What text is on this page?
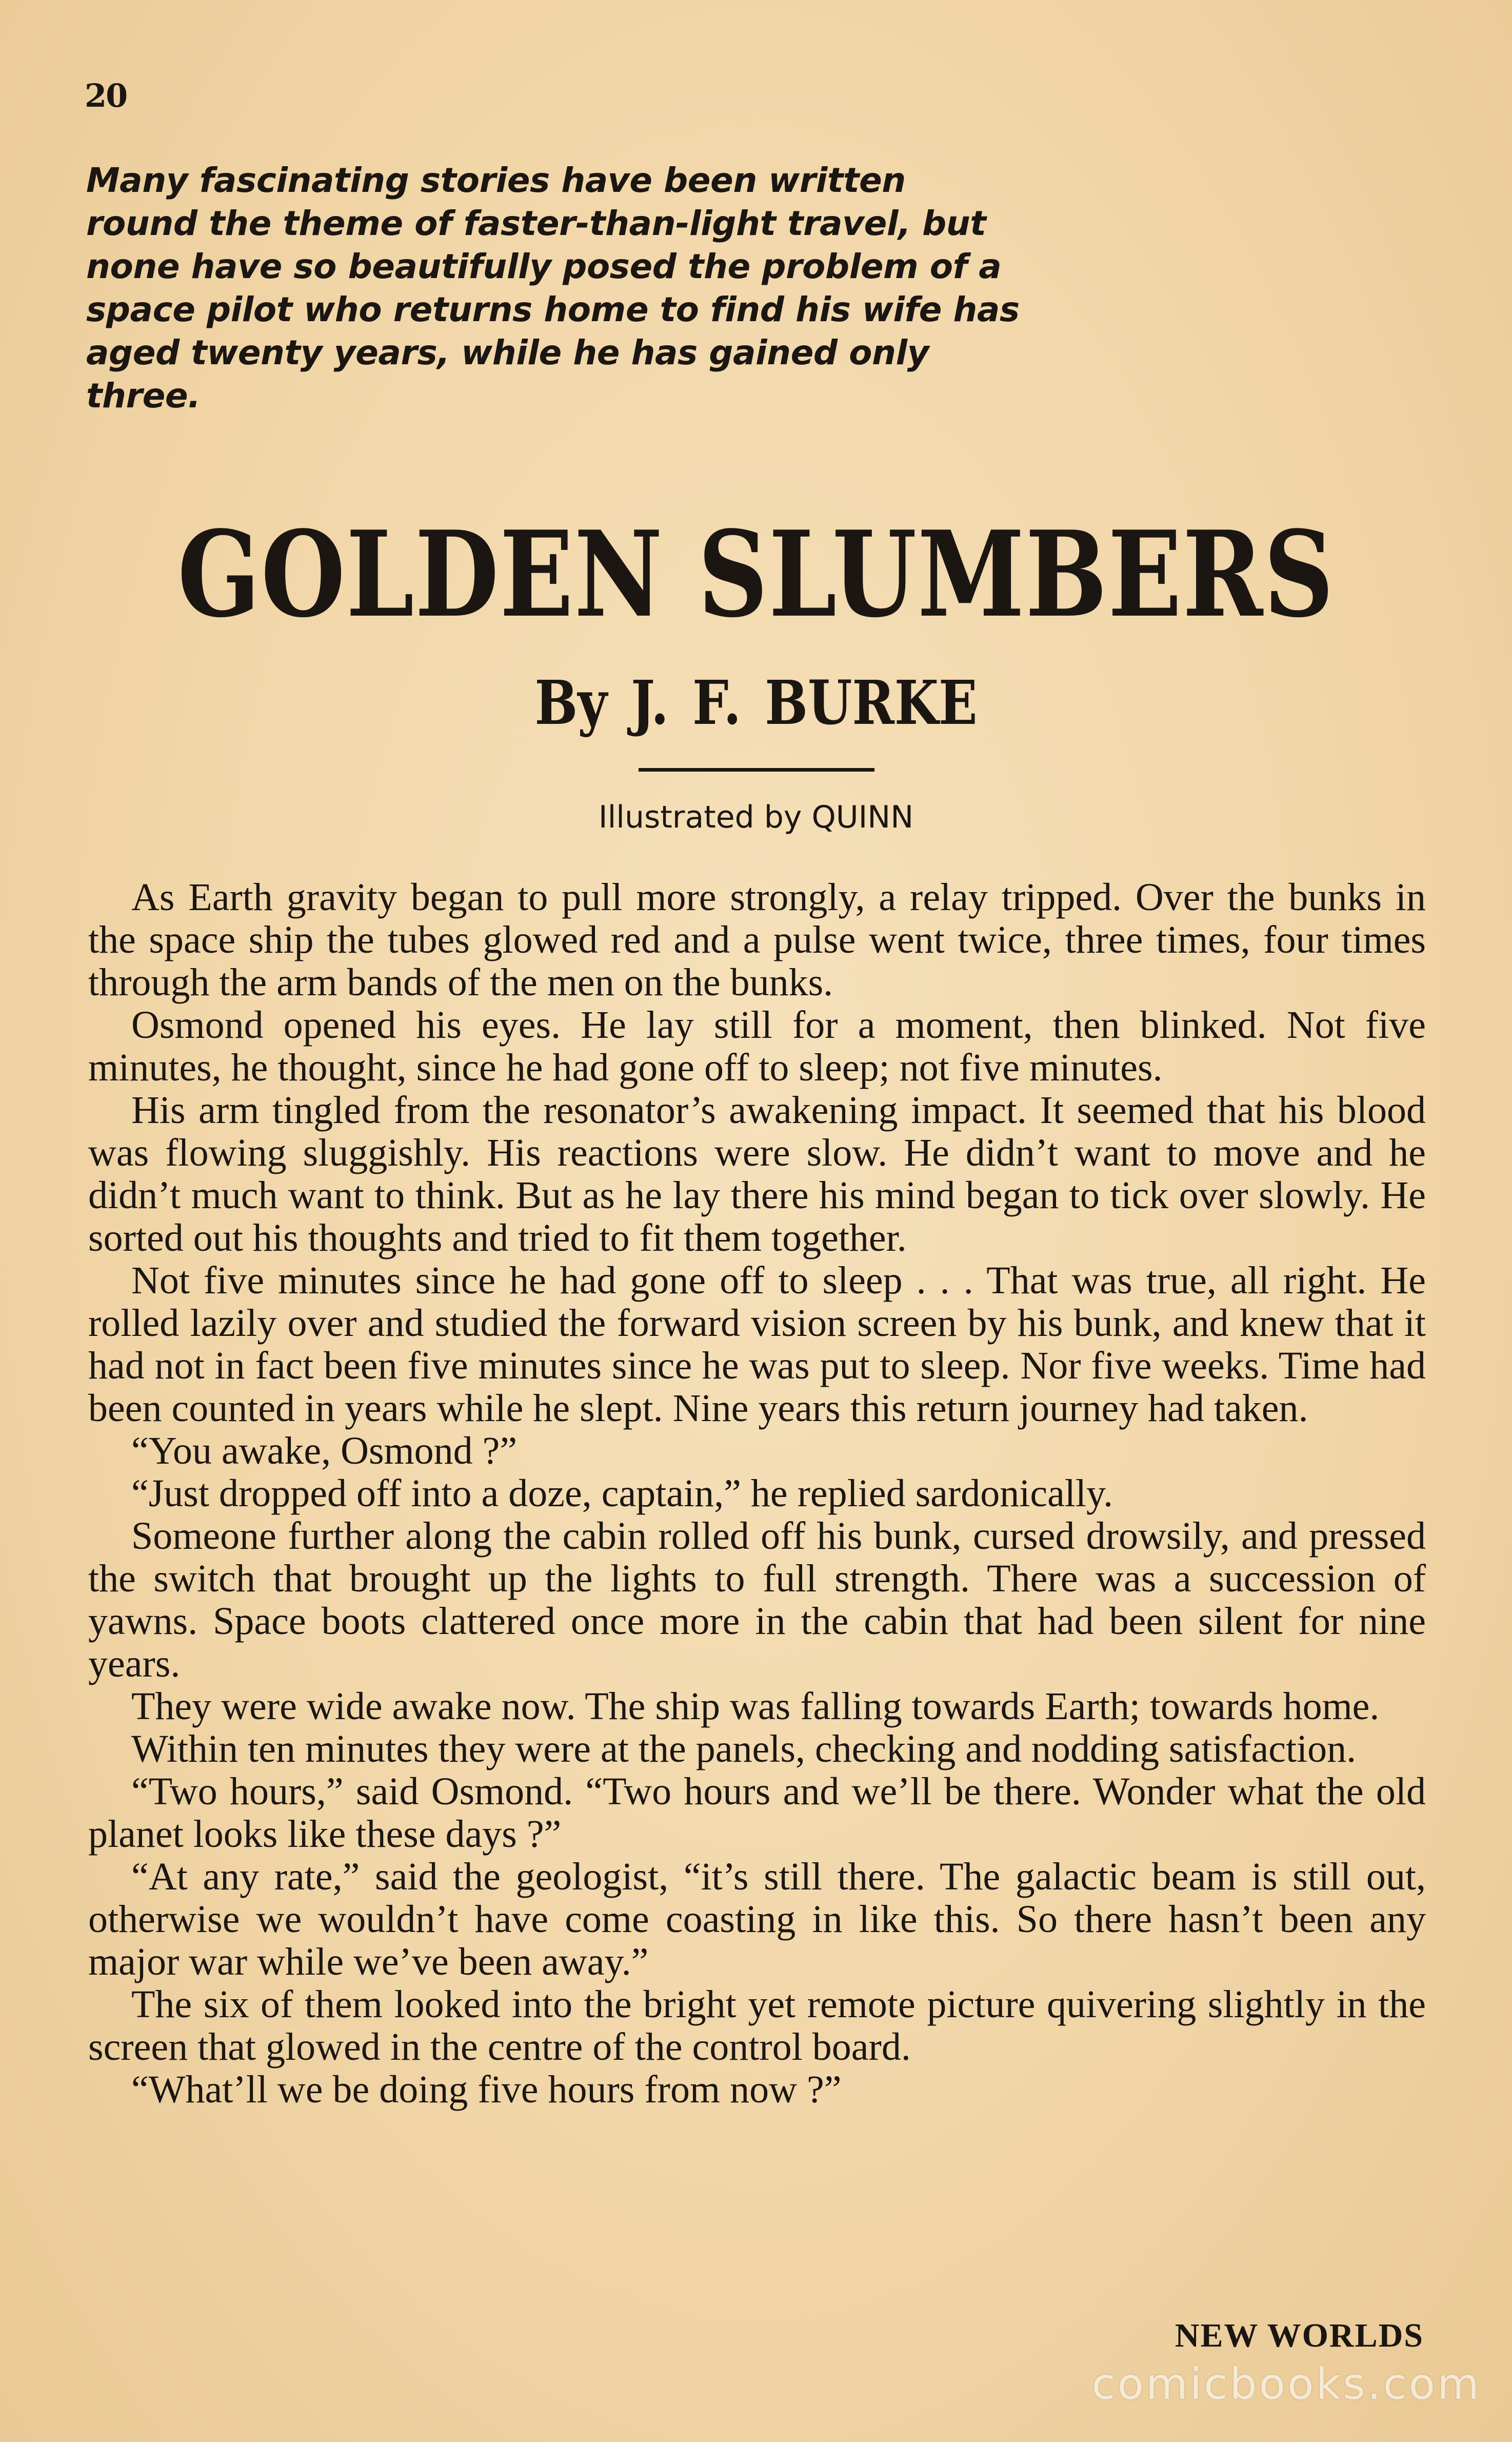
20

Many fascinating stories have been written round the theme of faster-than-light travel, but none have so beautifully posed the problem of a space pilot who returns home to find his wife has aged twenty years, while he has gained only three.

GOLDEN SLUMBERS
By J. F. BURKE

Illustrated by QUINN

As Earth gravity began to pull more strongly, a relay tripped. Over the bunks in the space ship the tubes glowed red and a pulse went twice, three times, four times through the arm bands of the men on the bunks.

Osmond opened his eyes. He lay still for a moment, then blinked. Not five minutes, he thought, since he had gone off to sleep; not five minutes.

His arm tingled from the resonator’s awakening impact. It seemed that his blood was flowing sluggishly. His reactions were slow. He didn’t want to move and he didn’t much want to think. But as he lay there his mind began to tick over slowly. He sorted out his thoughts and tried to fit them together.

Not five minutes since he had gone off to sleep . . . That was true, all right. He rolled lazily over and studied the forward vision screen by his bunk, and knew that it had not in fact been five minutes since he was put to sleep. Nor five weeks. Time had been counted in years while he slept. Nine years this return journey had taken.

“You awake, Osmond ?”

“Just dropped off into a doze, captain,” he replied sardonically.

Someone further along the cabin rolled off his bunk, cursed drowsily, and pressed the switch that brought up the lights to full strength. There was a succession of yawns. Space boots clattered once more in the cabin that had been silent for nine years.

They were wide awake now. The ship was falling towards Earth; towards home.

Within ten minutes they were at the panels, checking and nodding satisfaction.

“Two hours,” said Osmond. “Two hours and we’ll be there. Wonder what the old planet looks like these days ?”

“At any rate,” said the geologist, “it’s still there. The galactic beam is still out, otherwise we wouldn’t have come coasting in like this. So there hasn’t been any major war while we’ve been away.”

The six of them looked into the bright yet remote picture quivering slightly in the screen that glowed in the centre of the control board.

“What’ll we be doing five hours from now ?”

NEW WORLDS

comicbooks.com
